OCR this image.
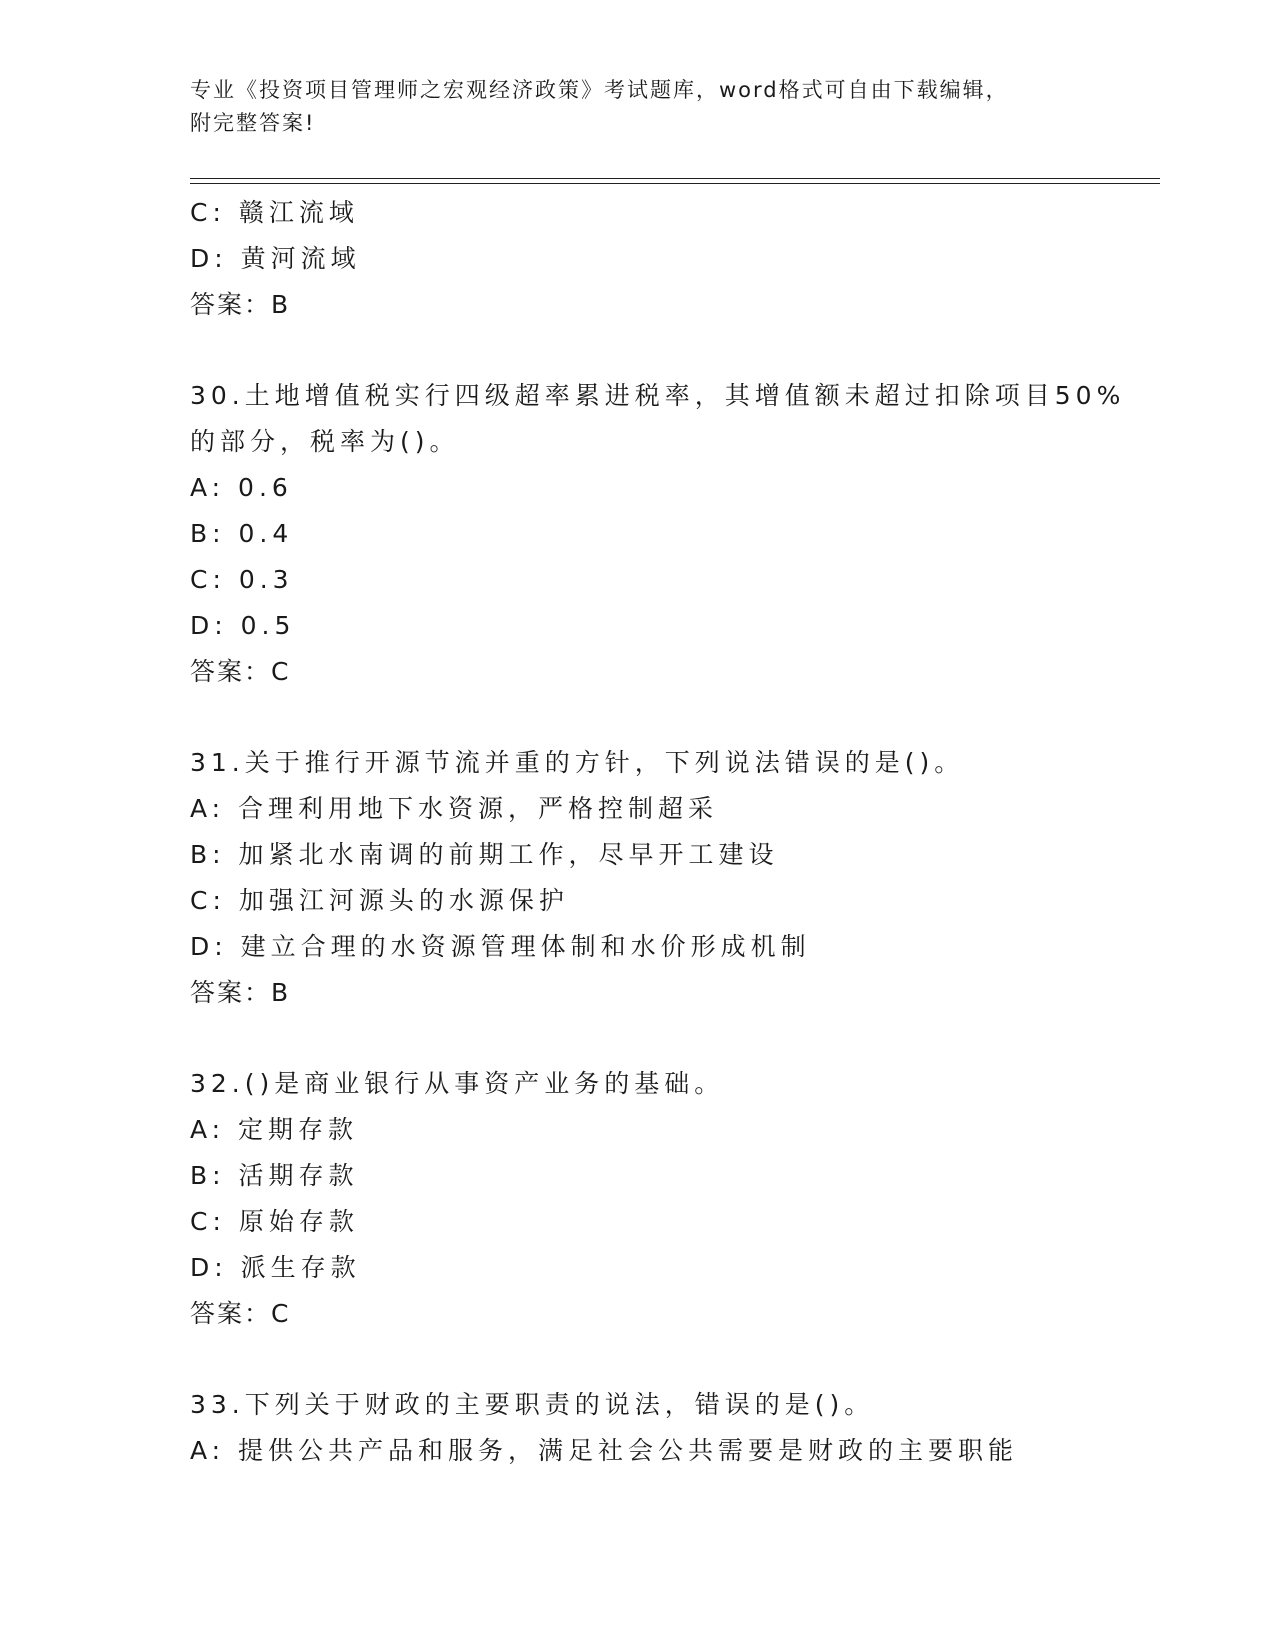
专业《投资项目管理师之宏观经济政策》考试题库，word格式可自由下载编辑，
附完整答案!
C: 赣江流域
D: 黄河流域
答案：B
30.土地增值税实行四级超率累进税率，其增值额未超过扣除项目50%
的部分，税率为()。
A: 0.6
B: 0.4
C: 0.3
D: 0.5
答案：C
31.关于推行开源节流并重的方针，下列说法错误的是()。
A: 合理利用地下水资源，严格控制超采
B: 加紧北水南调的前期工作，尽早开工建设
C: 加强江河源头的水源保护
D: 建立合理的水资源管理体制和水价形成机制
答案：B
32.()是商业银行从事资产业务的基础。
A: 定期存款
B: 活期存款
C: 原始存款
D: 派生存款
答案：C
33.下列关于财政的主要职责的说法，错误的是()。
A: 提供公共产品和服务，满足社会公共需要是财政的主要职能
